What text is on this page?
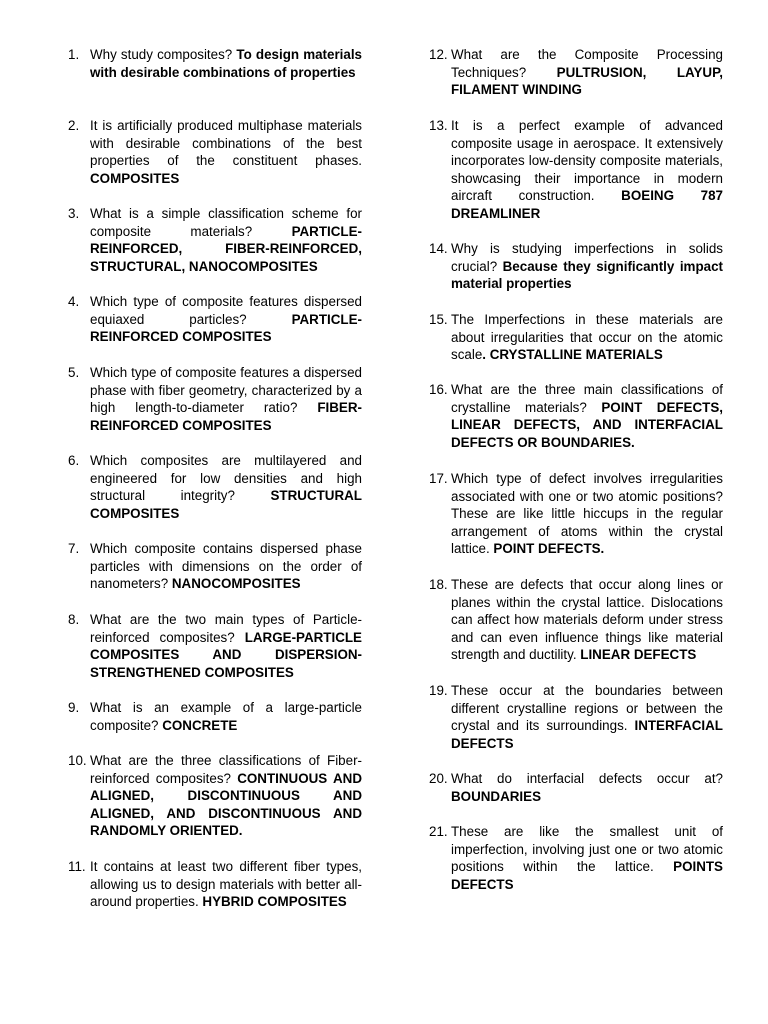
1. Why study composites? To design materials with desirable combinations of properties
2. It is artificially produced multiphase materials with desirable combinations of the best properties of the constituent phases. COMPOSITES
3. What is a simple classification scheme for composite materials? PARTICLE-REINFORCED, FIBER-REINFORCED, STRUCTURAL, NANOCOMPOSITES
4. Which type of composite features dispersed equiaxed particles? PARTICLE-REINFORCED COMPOSITES
5. Which type of composite features a dispersed phase with fiber geometry, characterized by a high length-to-diameter ratio? FIBER-REINFORCED COMPOSITES
6. Which composites are multilayered and engineered for low densities and high structural integrity? STRUCTURAL COMPOSITES
7. Which composite contains dispersed phase particles with dimensions on the order of nanometers? NANOCOMPOSITES
8. What are the two main types of Particle-reinforced composites? LARGE-PARTICLE COMPOSITES AND DISPERSION-STRENGTHENED COMPOSITES
9. What is an example of a large-particle composite? CONCRETE
10. What are the three classifications of Fiber-reinforced composites? CONTINUOUS AND ALIGNED, DISCONTINUOUS AND ALIGNED, AND DISCONTINUOUS AND RANDOMLY ORIENTED.
11. It contains at least two different fiber types, allowing us to design materials with better all-around properties. HYBRID COMPOSITES
12. What are the Composite Processing Techniques? PULTRUSION, LAYUP, FILAMENT WINDING
13. It is a perfect example of advanced composite usage in aerospace. It extensively incorporates low-density composite materials, showcasing their importance in modern aircraft construction. BOEING 787 DREAMLINER
14. Why is studying imperfections in solids crucial? Because they significantly impact material properties
15. The Imperfections in these materials are about irregularities that occur on the atomic scale. CRYSTALLINE MATERIALS
16. What are the three main classifications of crystalline materials? POINT DEFECTS, LINEAR DEFECTS, AND INTERFACIAL DEFECTS OR BOUNDARIES.
17. Which type of defect involves irregularities associated with one or two atomic positions? These are like little hiccups in the regular arrangement of atoms within the crystal lattice. POINT DEFECTS.
18. These are defects that occur along lines or planes within the crystal lattice. Dislocations can affect how materials deform under stress and can even influence things like material strength and ductility. LINEAR DEFECTS
19. These occur at the boundaries between different crystalline regions or between the crystal and its surroundings. INTERFACIAL DEFECTS
20. What do interfacial defects occur at? BOUNDARIES
21. These are like the smallest unit of imperfection, involving just one or two atomic positions within the lattice. POINTS DEFECTS
